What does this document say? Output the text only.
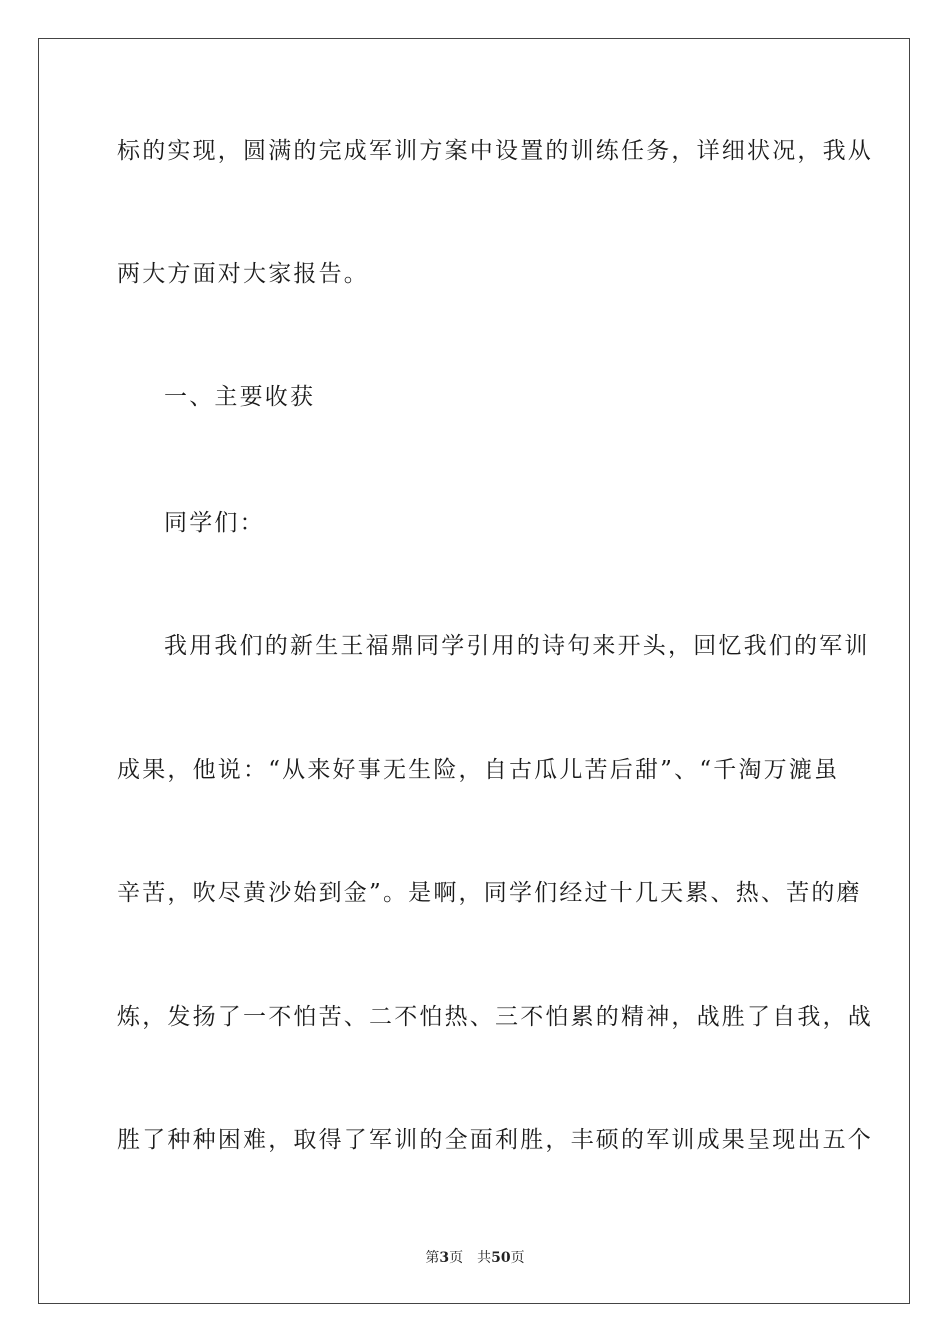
标的实现，圆满的完成军训方案中设置的训练任务，详细状况，我从
两大方面对大家报告。
一、主要收获
同学们：
我用我们的新生王福鼎同学引用的诗句来开头，回忆我们的军训
成果，他说：“从来好事无生险，自古瓜儿苦后甜”、“千淘万漉虽
辛苦，吹尽黄沙始到金”。是啊，同学们经过十几天累、热、苦的磨
炼，发扬了一不怕苦、二不怕热、三不怕累的精神，战胜了自我，战
胜了种种困难，取得了军训的全面利胜，丰硕的军训成果呈现出五个
第3页 共50页
